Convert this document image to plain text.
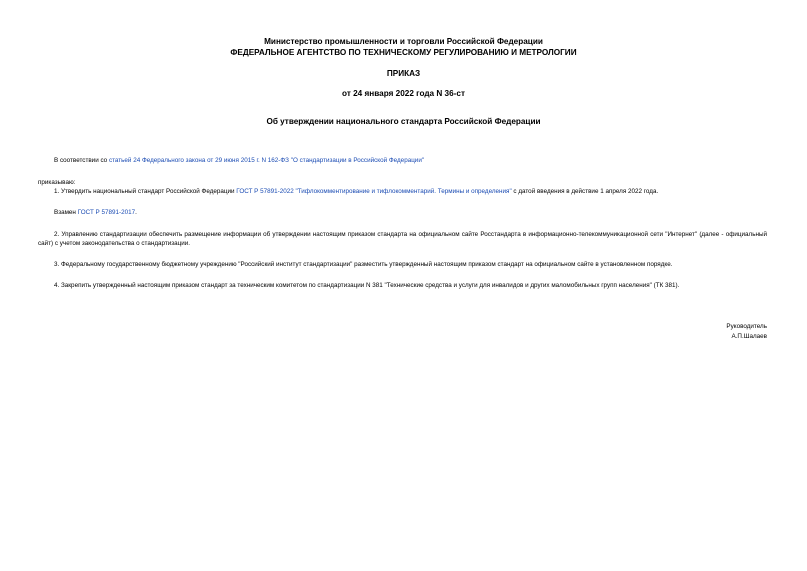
Министерство промышленности и торговли Российской Федерации
ФЕДЕРАЛЬНОЕ АГЕНТСТВО ПО ТЕХНИЧЕСКОМУ РЕГУЛИРОВАНИЮ И МЕТРОЛОГИИ
ПРИКАЗ
от 24 января 2022 года N 36-ст
Об утверждении национального стандарта Российской Федерации
В соответствии со статьей 24 Федерального закона от 29 июня 2015 г. N 162-ФЗ "О стандартизации в Российской Федерации"
приказываю:
1. Утвердить национальный стандарт Российской Федерации ГОСТ Р 57891-2022 "Тифлокомментирование и тифлокомментарий. Термины и определения" с датой введения в действие 1 апреля 2022 года.
Взамен ГОСТ Р 57891-2017.
2. Управлению стандартизации обеспечить размещение информации об утверждении настоящим приказом стандарта на официальном сайте Росстандарта в информационно-телекоммуникационной сети "Интернет" (далее - официальный сайт) с учетом законодательства о стандартизации.
3. Федеральному государственному бюджетному учреждению "Российский институт стандартизации" разместить утвержденный настоящим приказом стандарт на официальном сайте в установленном порядке.
4. Закрепить утвержденный настоящим приказом стандарт за техническим комитетом по стандартизации N 381 "Технические средства и услуги для инвалидов и других маломобильных групп населения" (ТК 381).
Руководитель
А.П.Шалаев
